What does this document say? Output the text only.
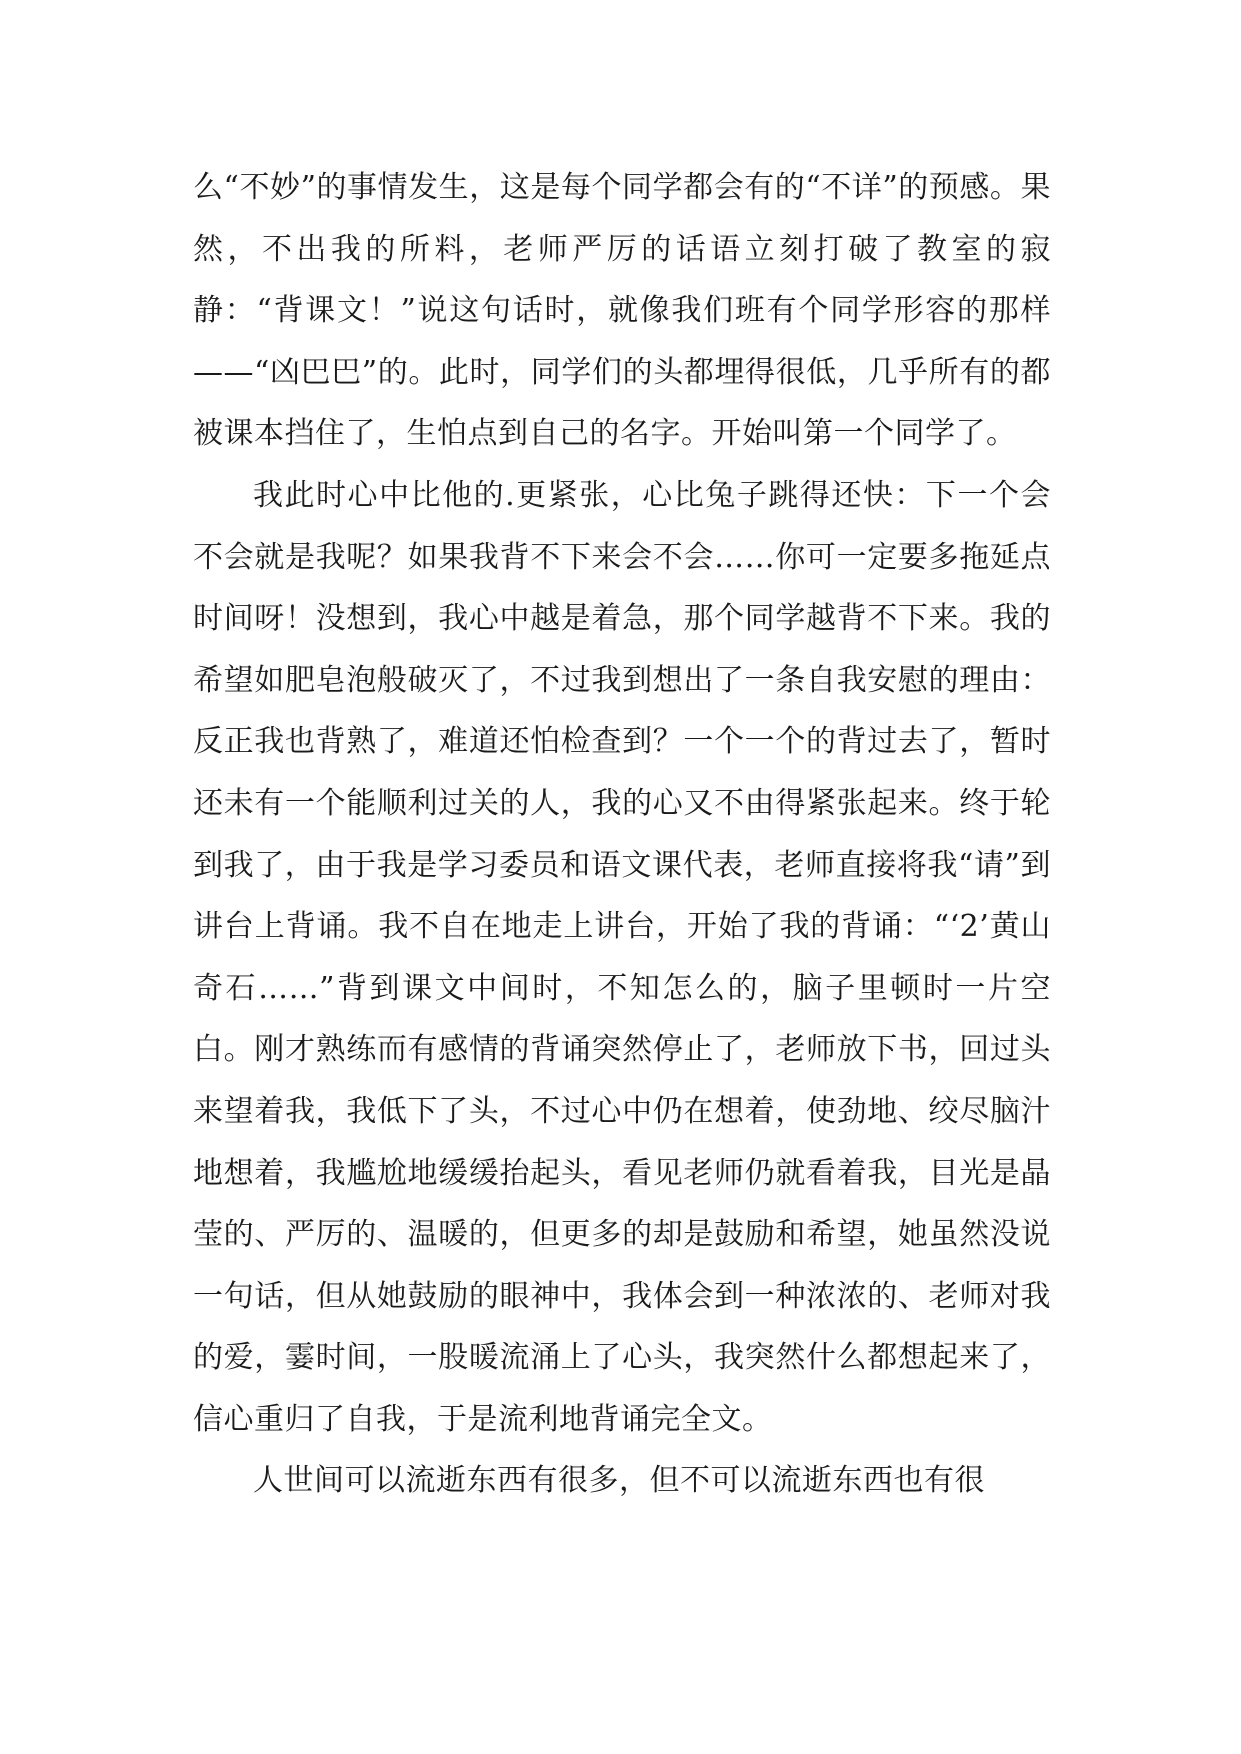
么“不妙”的事情发生，这是每个同学都会有的“不详”的预感。果然，不出我的所料，老师严厉的话语立刻打破了教室的寂静：“背课文！”说这句话时，就像我们班有个同学形容的那样——“凶巴巴”的。此时，同学们的头都埋得很低，几乎所有的都被课本挡住了，生怕点到自己的名字。开始叫第一个同学了。

我此时心中比他的.更紧张，心比兔子跳得还快：下一个会不会就是我呢？如果我背不下来会不会……你可一定要多拖延点时间呀！没想到，我心中越是着急，那个同学越背不下来。我的希望如肥皂泡般破灭了，不过我到想出了一条自我安慰的理由：反正我也背熟了，难道还怕检查到？一个一个的背过去了，暂时还未有一个能顺利过关的人，我的心又不由得紧张起来。终于轮到我了，由于我是学习委员和语文课代表，老师直接将我“请”到讲台上背诵。我不自在地走上讲台，开始了我的背诵：“‘2’黄山奇石……”背到课文中间时，不知怎么的，脑子里顿时一片空白。刚才熟练而有感情的背诵突然停止了，老师放下书，回过头来望着我，我低下了头，不过心中仍在想着，使劲地、绞尽脑汁地想着，我尴尬地缓缓抬起头，看见老师仍就看着我，目光是晶莹的、严厉的、温暖的，但更多的却是鼓励和希望，她虽然没说一句话，但从她鼓励的眼神中，我体会到一种浓浓的、老师对我的爱，霎时间，一股暖流涌上了心头，我突然什么都想起来了，信心重归了自我，于是流利地背诵完全文。

人世间可以流逝东西有很多，但不可以流逝东西也有很
